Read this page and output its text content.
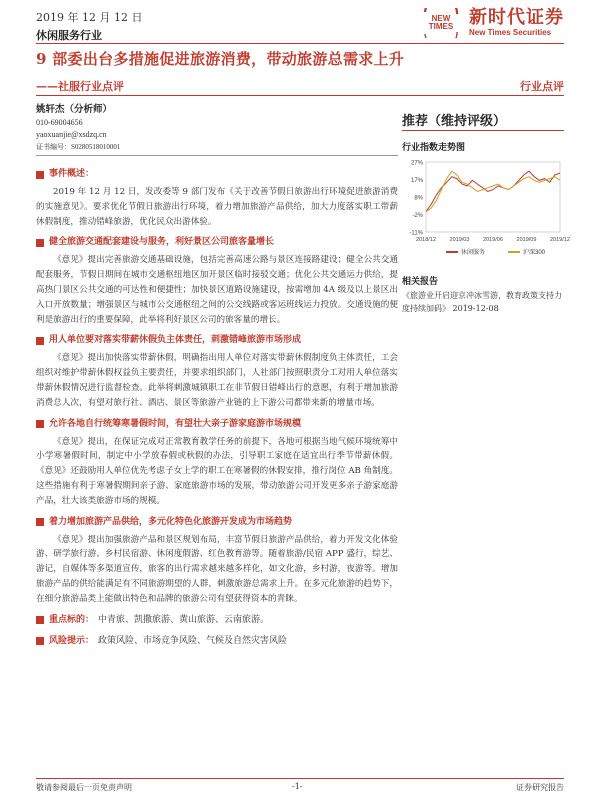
2019 年 12 月 12 日
休闲服务行业
NEW
TIMES 新时代证券
New Times Securities
9 部委出台多措施促进旅游消费，带动旅游总需求上升
——社服行业点评	行业点评
姚轩杰（分析师）
010-69004656
yaoxuanjie@xsdzq.cn
证书编号：S0280518010001
推荐（维持评级）
行业指数走势图
27%
17%
8%
-2%
-11%
2018/12 2019/03 2019/06 2019/09 2019/12
休闲服务	沪深300
相关报告
《旅游业开启迎京冲冰雪游，教育政策支持力度持续加码》 2019-12-08
事件概述：
2019 年 12 月 12 日，发改委等 9 部门发布《关于改善节假日旅游出行环境促进旅游消费的实施意见》。要求优化节假日旅游出行环境，着力增加旅游产品供给，加大力度落实职工带薪休假制度，推动错峰旅游，优化民众出游体验。
健全旅游交通配套建设与服务，利好景区公司旅客量增长
《意见》提出完善旅游交通基础设施，包括完善高速公路与景区连接路建设；健全公共交通配套服务，节假日期间在城市交通枢纽地区加开景区临时接驳交通；优化公共交通运力供给，提高热门景区公共交通的可达性和便捷性；加快景区道路设施建设，按需增加 4A 级及以上景区出入口开放数量；增强景区与城市公交通枢纽之间的公交线路或客运班线运力投放。交通设施的便利是旅游出行的重要保障，此举将利好景区公司的旅客量的增长。
用人单位要对落实带薪休假负主体责任，刺激错峰旅游市场形成
《意见》提出加快落实带薪休假，明确指出用人单位对落实带薪休假制度负主体责任，工会组织对维护带薪休假权益负主要责任，并要求组织部门，人社部门按照职责分工对用人单位落实带薪休假情况进行监督检查。此举将刺激城镇职工在非节假日错峰出行的意愿，有利于增加旅游消费总人次，有望对旅行社、酒店、景区等旅游产业链的上下游公司都带来新的增量市场。
允许各地自行统筹寒暑假时间，有望壮大亲子游家庭游市场规模
《意见》提出，在保证完成对正常教育教学任务的前提下，各地可根据当地气候环境统筹中小学寒暑假时间，制定中小学放春假或秋假的办法，引导职工家庭在适宜出行季节带薪休假。《意见》还鼓励用人单位优先考虑子女上学的职工在寒暑假的休假安排，推行岗位 AB 角制度。这些措施有利于寒暑假期间亲子游、家庭旅游市场的发展，带动旅游公司开发更多亲子游家庭游产品，壮大该类旅游市场的规模。
着力增加旅游产品供给，多元化特色化旅游开发成为市场趋势
《意见》提出加强旅游产品和景区规划布局，丰富节假日旅游产品供给，着力开发文化体验游、研学旅行游、乡村民宿游、休闲度假游、红色教育游等。随着旅游/民宿 APP 盛行，综艺、游记，自媒体等多渠道宣传，旅客的出行需求越来越多样化，如文化游，乡村游，夜游等。增加旅游产品的供给能满足有不同旅游期望的人群，刺激旅游总需求上升。在多元化旅游的趋势下，在细分旅游品类上能做出特色和品牌的旅游公司有望获得资本的青睐。
重点标的： 中青旅、凯撒旅游、黄山旅游、云南旅游。
风险提示： 政策风险、市场竞争风险、气候及自然灾害风险
敬请参阅最后一页免责声明	-1-	证券研究报告
